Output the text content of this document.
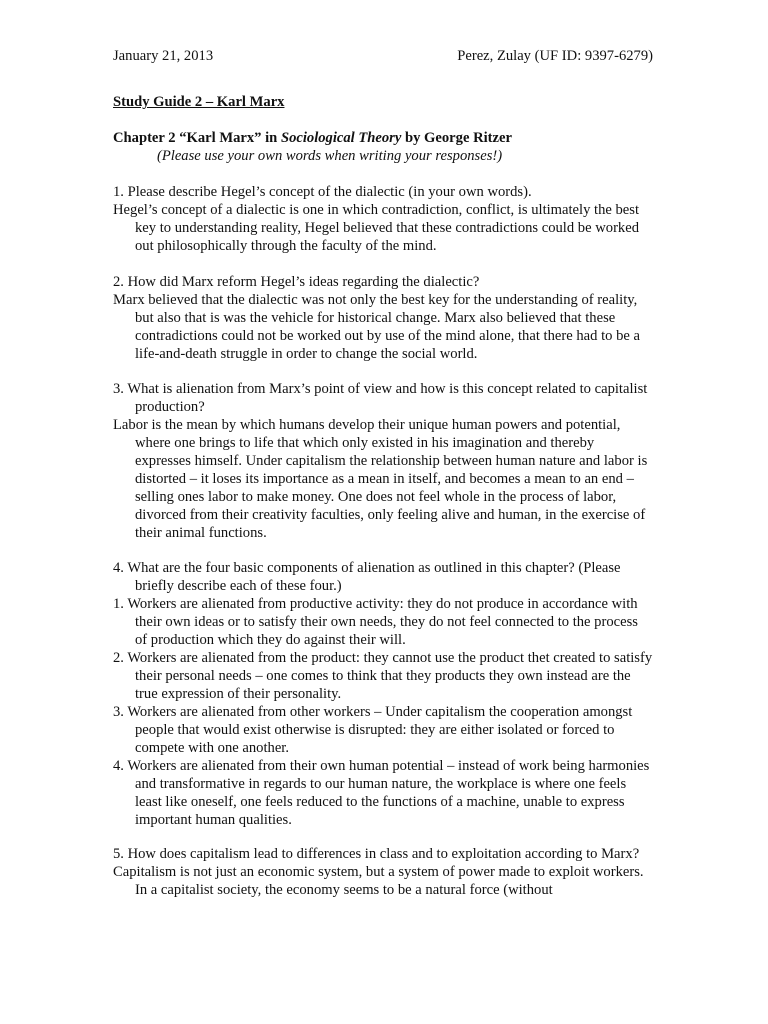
January 21, 2013	Perez, Zulay (UF ID: 9397-6279)
Study Guide 2 – Karl Marx
Chapter 2 “Karl Marx” in Sociological Theory by George Ritzer
(Please use your own words when writing your responses!)

1. Please describe Hegel’s concept of the dialectic (in your own words).

Hegel’s concept of a dialectic is one in which contradiction, conflict, is ultimately the best key to understanding reality, Hegel believed that these contradictions could be worked out philosophically through the faculty of the mind.

2. How did Marx reform Hegel’s ideas regarding the dialectic?

Marx believed that the dialectic was not only the best key for the understanding of reality, but also that is was the vehicle for historical change. Marx also believed that these contradictions could not be worked out by use of the mind alone, that there had to be a life-and-death struggle in order to change the social world.

3. What is alienation from Marx’s point of view and how is this concept related to capitalist production?

Labor is the mean by which humans develop their unique human powers and potential, where one brings to life that which only existed in his imagination and thereby expresses himself. Under capitalism the relationship between human nature and labor is distorted – it loses its importance as a mean in itself, and becomes a mean to an end – selling ones labor to make money. One does not feel whole in the process of labor, divorced from their creativity faculties, only feeling alive and human, in the exercise of their animal functions.

4. What are the four basic components of alienation as outlined in this chapter? (Please briefly describe each of these four.)

1. Workers are alienated from productive activity: they do not produce in accordance with their own ideas or to satisfy their own needs, they do not feel connected to the process of production which they do against their will.

2. Workers are alienated from the product: they cannot use the product thet created to satisfy their personal needs – one comes to think that they products they own instead are the true expression of their personality.

3. Workers are alienated from other workers – Under capitalism the cooperation amongst people that would exist otherwise is disrupted: they are either isolated or forced to compete with one another.

4. Workers are alienated from their own human potential – instead of work being harmonies and transformative in regards to our human nature, the workplace is where one feels least like oneself, one feels reduced to the functions of a machine, unable to express important human qualities.

5. How does capitalism lead to differences in class and to exploitation according to Marx?

Capitalism is not just an economic system, but a system of power made to exploit workers. In a capitalist society, the economy seems to be a natural force (without
